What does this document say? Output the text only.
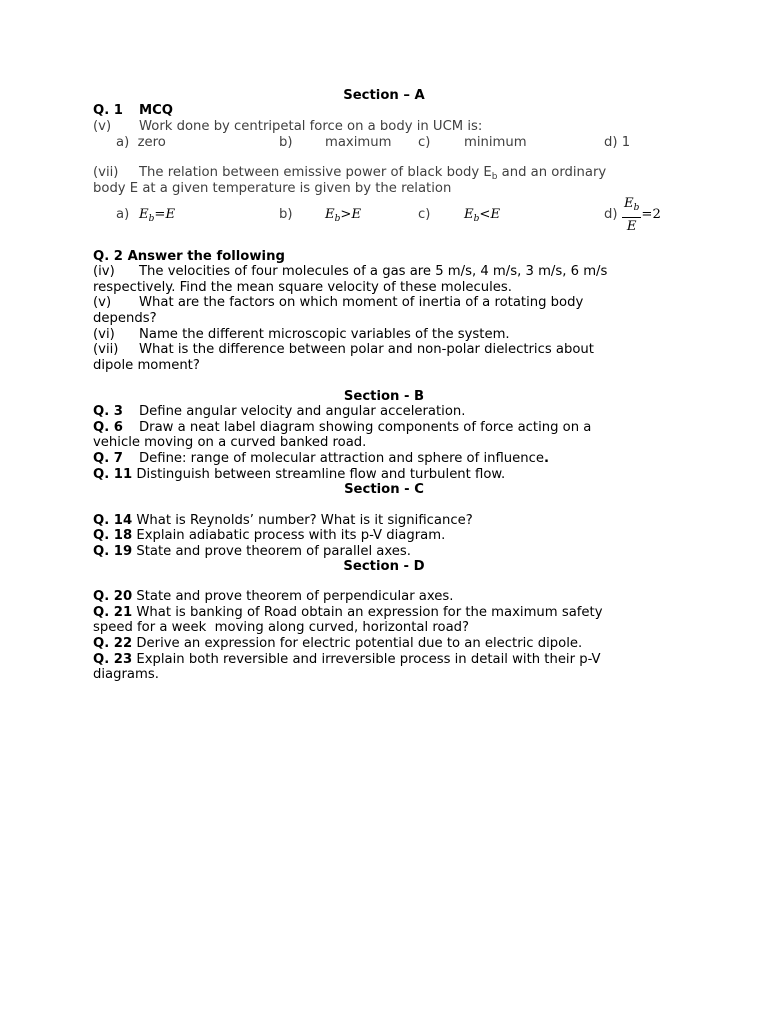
Section – A
Q. 1 MCQ
(v) Work done by centripetal force on a body in UCM is:
a) zero	b) maximum c)	minimum	d) 1
(vii) The relation between emissive power of black body $E_b$ and an ordinary
body E at a given temperature is given by the relation
a) $E_b=E$	b) $E_b>E$	c)	$E_b<E$	$d) \frac{E_b}{E} =2$
Q. 2 Answer the following
(iv) The velocities of four molecules of a gas are 5 m/s, 4 m/s, 3 m/s, 6 m/s
respectively. Find the mean square velocity of these molecules.
(v) What are the factors on which moment of inertia of a rotating body
depends?
(vi) Name the different microscopic variables of the system.
(vii) What is the difference between polar and non-polar dielectrics about
dipole moment?
Section - B
Q. 3 Define angular velocity and angular acceleration.
Q. 6 Draw a neat label diagram showing components of force acting on a
vehicle moving on a curved banked road.
Q. 7 Define: range of molecular attraction and sphere of influence.
Q. 11 Distinguish between streamline flow and turbulent flow.
Section - C
Q. 14 What is Reynolds’ number? What is it significance?
Q. 18 Explain adiabatic process with its p-V diagram.
Q. 19 State and prove theorem of parallel axes.
Section - D
Q. 20 State and prove theorem of perpendicular axes.
Q. 21 What is banking of Road obtain an expression for the maximum safety
speed for a week  moving along curved, horizontal road?
Q. 22 Derive an expression for electric potential due to an electric dipole.
Q. 23 Explain both reversible and irreversible process in detail with their p-V
diagrams.
